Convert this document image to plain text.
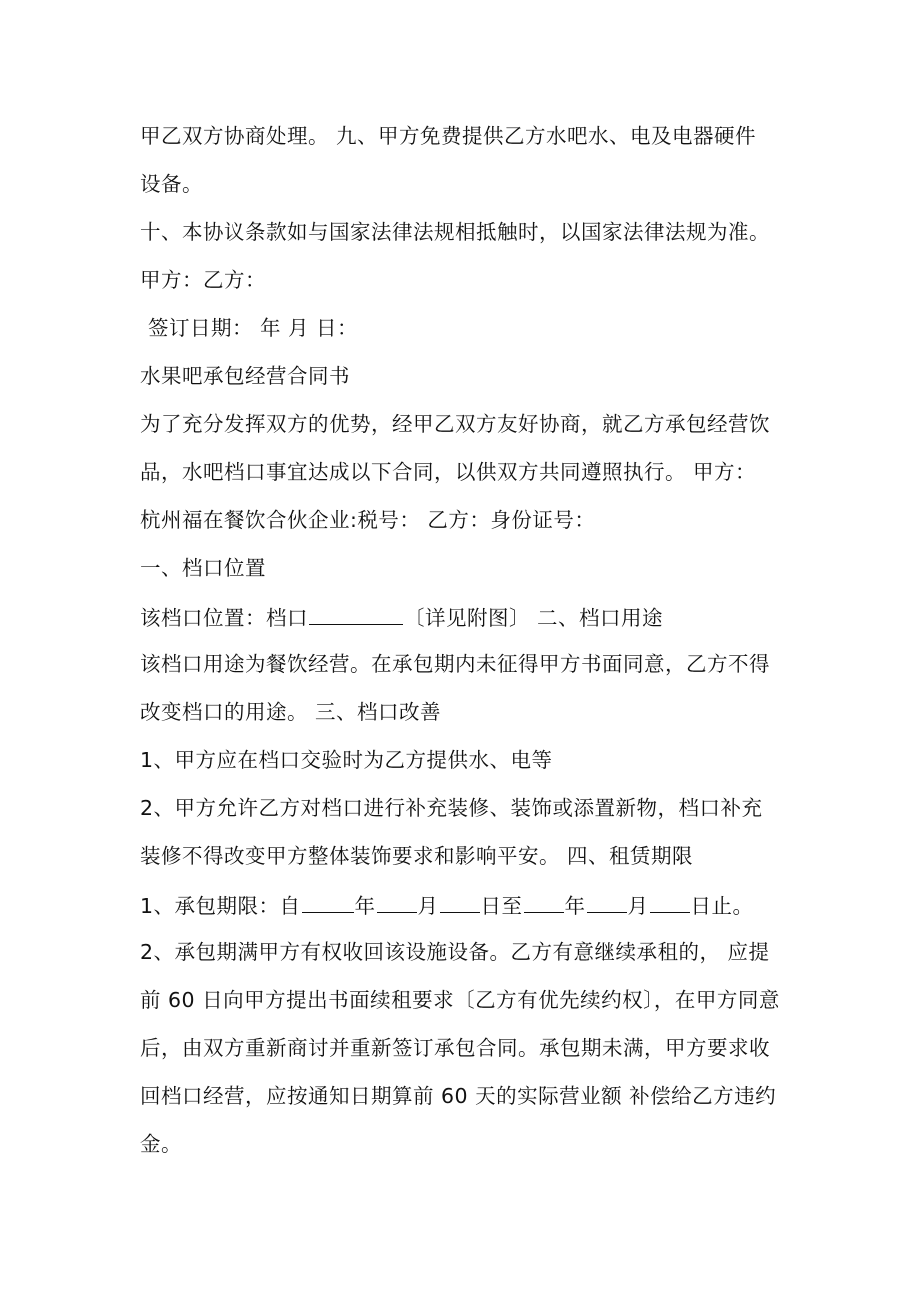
甲乙双方协商处理。 九、甲方免费提供乙方水吧水、电及电器硬件
设备。
十、本协议条款如与国家法律法规相抵触时，以国家法律法规为准。
甲方：乙方：
签订日期： 年 月 日：
水果吧承包经营合同书
为了充分发挥双方的优势，经甲乙双方友好协商，就乙方承包经营饮
品，水吧档口事宜达成以下合同，以供双方共同遵照执行。 甲方：
杭州福在餐饮合伙企业:税号： 乙方：身份证号：
一、档口位置
该档口位置：档口	〔详见附图〕 二、档口用途
该档口用途为餐饮经营。在承包期内未征得甲方书面同意，乙方不得
改变档口的用途。 三、档口改善
1、甲方应在档口交验时为乙方提供水、电等
2、甲方允许乙方对档口进行补充装修、装饰或添置新物，档口补充
装修不得改变甲方整体装饰要求和影响平安。 四、租赁期限
1、承包期限：自	年 月 日至 年 月 日止。
2、承包期满甲方有权收回该设施设备。乙方有意继续承租的， 应提
前 60 日向甲方提出书面续租要求〔乙方有优先续约权〕，在甲方同意
后，由双方重新商讨并重新签订承包合同。承包期未满，甲方要求收
回档口经营，应按通知日期算前 60 天的实际营业额 补偿给乙方违约
金。
